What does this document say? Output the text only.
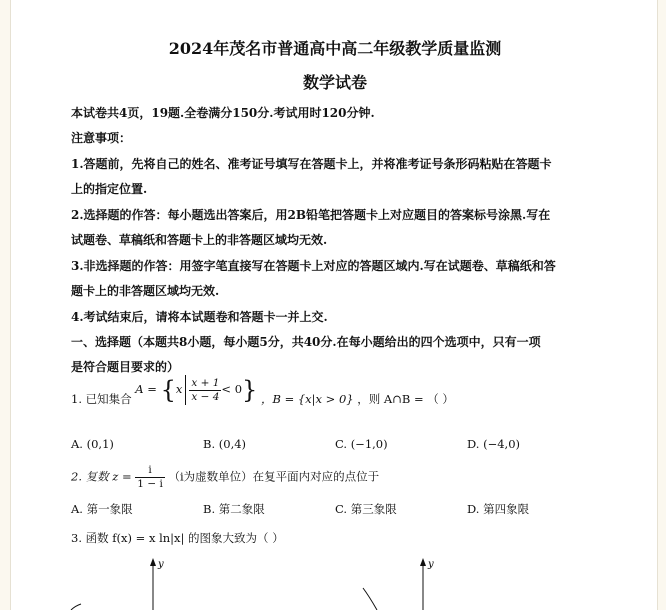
2024年茂名市普通高中高二年级教学质量监测
数学试卷
本试卷共4页，19题.全卷满分150分.考试用时120分钟.
注意事项：
1.答题前，先将自己的姓名、准考证号填写在答题卡上，并将准考证号条形码粘贴在答题卡
上的指定位置.
2.选择题的作答：每小题选出答案后，用2B铅笔把答题卡上对应题目的答案标号涂黑.写在
试题卷、草稿纸和答题卡上的非答题区域均无效.
3.非选择题的作答：用签字笔直接写在答题卡上对应的答题区域内.写在试题卷、草稿纸和答
题卡上的非答题区域均无效.
4.考试结束后，请将本试题卷和答题卡一并上交.
一、选择题（本题共8小题，每小题5分，共40分.在每小题给出的四个选项中，只有一项
是符合题目要求的）
1. 已知集合 $A = \{x \frac{x + 1}{x - 4} < 0\}$ ，B = {x|x > 0} ，则 A∩B = （ ）
A. (0,1)	B. (0,4)	C. (−1,0)	D. (−4,0)
2. 复数 $z = \frac{i}{1 - i} (i$为虚数单位）在复平面内对应的点位于
A. 第一象限	B. 第二象限	C. 第三象限	D. 第四象限
3. 函数 f(x) = x ln|x| 的图象大致为（ ）
y	y
